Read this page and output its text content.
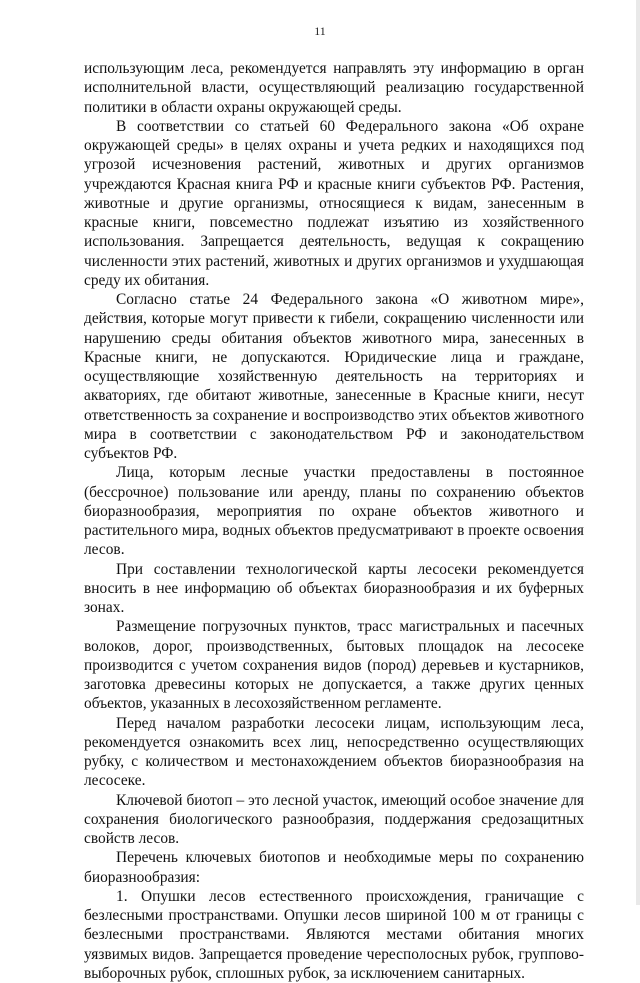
11

использующим леса, рекомендуется направлять эту информацию в орган исполнительной власти, осуществляющий реализацию государственной политики в области охраны окружающей среды.

В соответствии со статьей 60 Федерального закона «Об охране окружающей среды» в целях охраны и учета редких и находящихся под угрозой исчезновения растений, животных и других организмов учреждаются Красная книга РФ и красные книги субъектов РФ. Растения, животные и другие организмы, относящиеся к видам, занесенным в красные книги, повсеместно подлежат изъятию из хозяйственного использования. Запрещается деятельность, ведущая к сокращению численности этих растений, животных и других организмов и ухудшающая среду их обитания.

Согласно статье 24 Федерального закона «О животном мире», действия, которые могут привести к гибели, сокращению численности или нарушению среды обитания объектов животного мира, занесенных в Красные книги, не допускаются. Юридические лица и граждане, осуществляющие хозяйственную деятельность на территориях и акваториях, где обитают животные, занесенные в Красные книги, несут ответственность за сохранение и воспроизводство этих объектов животного мира в соответствии с законодательством РФ и законодательством субъектов РФ.

Лица, которым лесные участки предоставлены в постоянное (бессрочное) пользование или аренду, планы по сохранению объектов биоразнообразия, мероприятия по охране объектов животного и растительного мира, водных объектов предусматривают в проекте освоения лесов.

При составлении технологической карты лесосеки рекомендуется вносить в нее информацию об объектах биоразнообразия и их буферных зонах.

Размещение погрузочных пунктов, трасс магистральных и пасечных волоков, дорог, производственных, бытовых площадок на лесосеке производится с учетом сохранения видов (пород) деревьев и кустарников, заготовка древесины которых не допускается, а также других ценных объектов, указанных в лесохозяйственном регламенте.

Перед началом разработки лесосеки лицам, использующим леса, рекомендуется ознакомить всех лиц, непосредственно осуществляющих рубку, с количеством и местонахождением объектов биоразнообразия на лесосеке.

Ключевой биотоп – это лесной участок, имеющий особое значение для сохранения биологического разнообразия, поддержания средозащитных свойств лесов.

Перечень ключевых биотопов и необходимые меры по сохранению биоразнообразия:

1. Опушки лесов естественного происхождения, граничащие с безлесными пространствами. Опушки лесов шириной 100 м от границы с безлесными пространствами. Являются местами обитания многих уязвимых видов. Запрещается проведение чересполосных рубок, группово-выборочных рубок, сплошных рубок, за исключением санитарных.
